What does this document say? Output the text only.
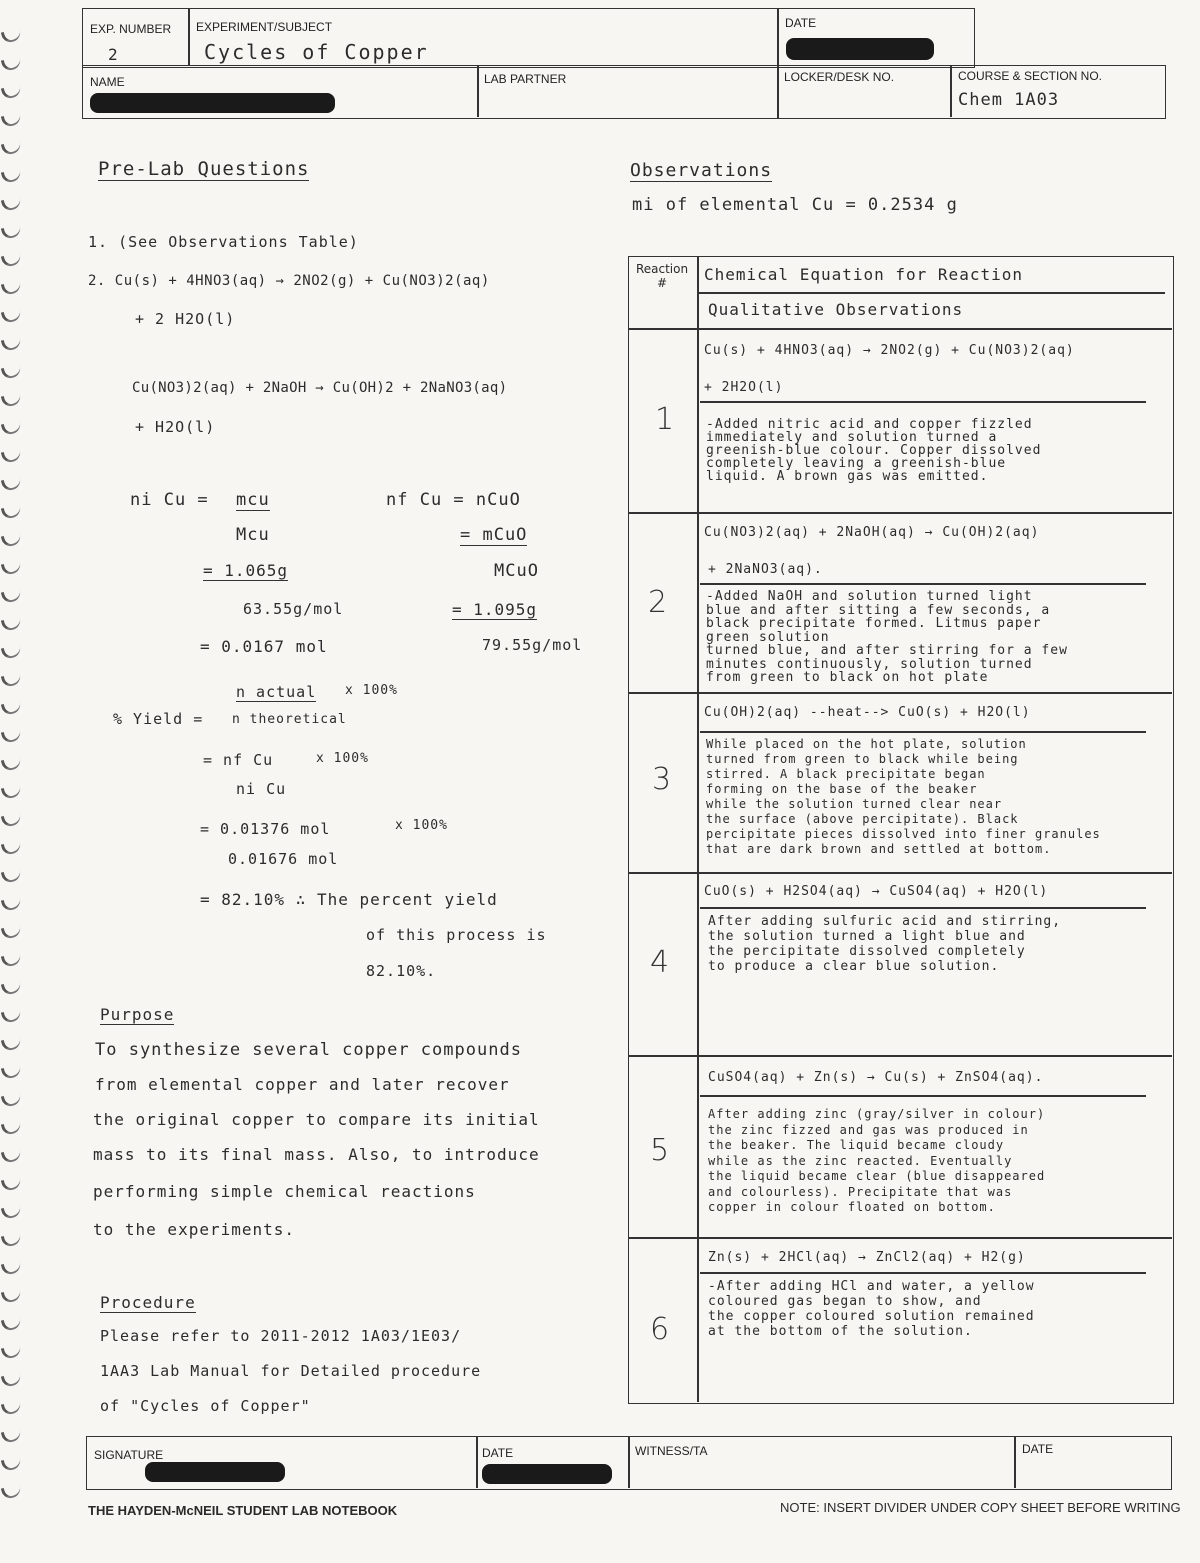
EXP. NUMBER
2
EXPERIMENT/SUBJECT
Cycles of Copper
DATE
NAME	LAB PARTNER	LOCKER/DESK NO.	COURSE & SECTION NO.
Chem 1A03
Pre-Lab Questions
1. (See Observations Table)
2. Cu(s) + 4HNO3(aq) → 2NO2(g) + Cu(NO3)2(aq)
+ 2 H2O(l)
Cu(NO3)2(aq) + 2NaOH → Cu(OH)2 + 2NaNO3(aq)
+ H2O(l)
ni Cu = mcu
Mcu
= 1.065g
63.55g/mol
= 0.0167 mol
nf Cu = nCuO
= mCuO
MCuO
= 1.095g
79.55g/mol
% Yield =
n actual
n theoretical
x 100%
= nf Cu
ni Cu
x 100%
= 0.01376 mol	x 100%
0.01676 mol
= 82.10% ∴ The percent yield
of this process is
82.10%.
Purpose
To synthesize several copper compounds
from elemental copper and later recover
the original copper to compare its initial
mass to its final mass. Also, to introduce
performing simple chemical reactions
to the experiments.
Procedure
Please refer to 2011-2012 1A03/1E03/
1AA3 Lab Manual for Detailed procedure
of "Cycles of Copper"
Observations
mi of elemental Cu = 0.2534 g
Reaction #	Chemical Equation for Reaction
Qualitative Observations
1
Cu(s) + 4HNO3(aq) → 2NO2(g) + Cu(NO3)2(aq)
+ 2H2O(l)
-Added nitric acid and copper fizzled
immediately and solution turned a
greenish-blue colour. Copper dissolved
completely leaving a greenish-blue
liquid. A brown gas was emitted.
2
Cu(NO3)2(aq) + 2NaOH(aq) → Cu(OH)2(aq)
+ 2NaNO3(aq).
-Added NaOH and solution turned light
blue and after sitting a few seconds, a
black precipitate formed. Litmus paper
green solution
turned blue, and after stirring for a few
minutes continuously, solution turned
from green to black on hot plate
3
Cu(OH)2(aq) --heat--> CuO(s) + H2O(l)
While placed on the hot plate, solution
turned from green to black while being
stirred. A black precipitate began
forming on the base of the beaker
while the solution turned clear near
the surface (above percipitate). Black
percipitate pieces dissolved into finer granules
that are dark brown and settled at bottom.
4
CuO(s) + H2SO4(aq) → CuSO4(aq) + H2O(l)
After adding sulfuric acid and stirring,
the solution turned a light blue and
the percipitate dissolved completely
to produce a clear blue solution.
5
CuSO4(aq) + Zn(s) → Cu(s) + ZnSO4(aq).
After adding zinc (gray/silver in colour)
the zinc fizzed and gas was produced in
the beaker. The liquid became cloudy
while as the zinc reacted. Eventually
the liquid became clear (blue disappeared
and colourless). Precipitate that was
copper in colour floated on bottom.
6
Zn(s) + 2HCl(aq) → ZnCl2(aq) + H2(g)
-After adding HCl and water, a yellow
coloured gas began to show, and
the copper coloured solution remained
at the bottom of the solution.
SIGNATURE	DATE	WITNESS/TA	DATE
THE HAYDEN-McNEIL STUDENT LAB NOTEBOOK	NOTE: INSERT DIVIDER UNDER COPY SHEET BEFORE WRITING
